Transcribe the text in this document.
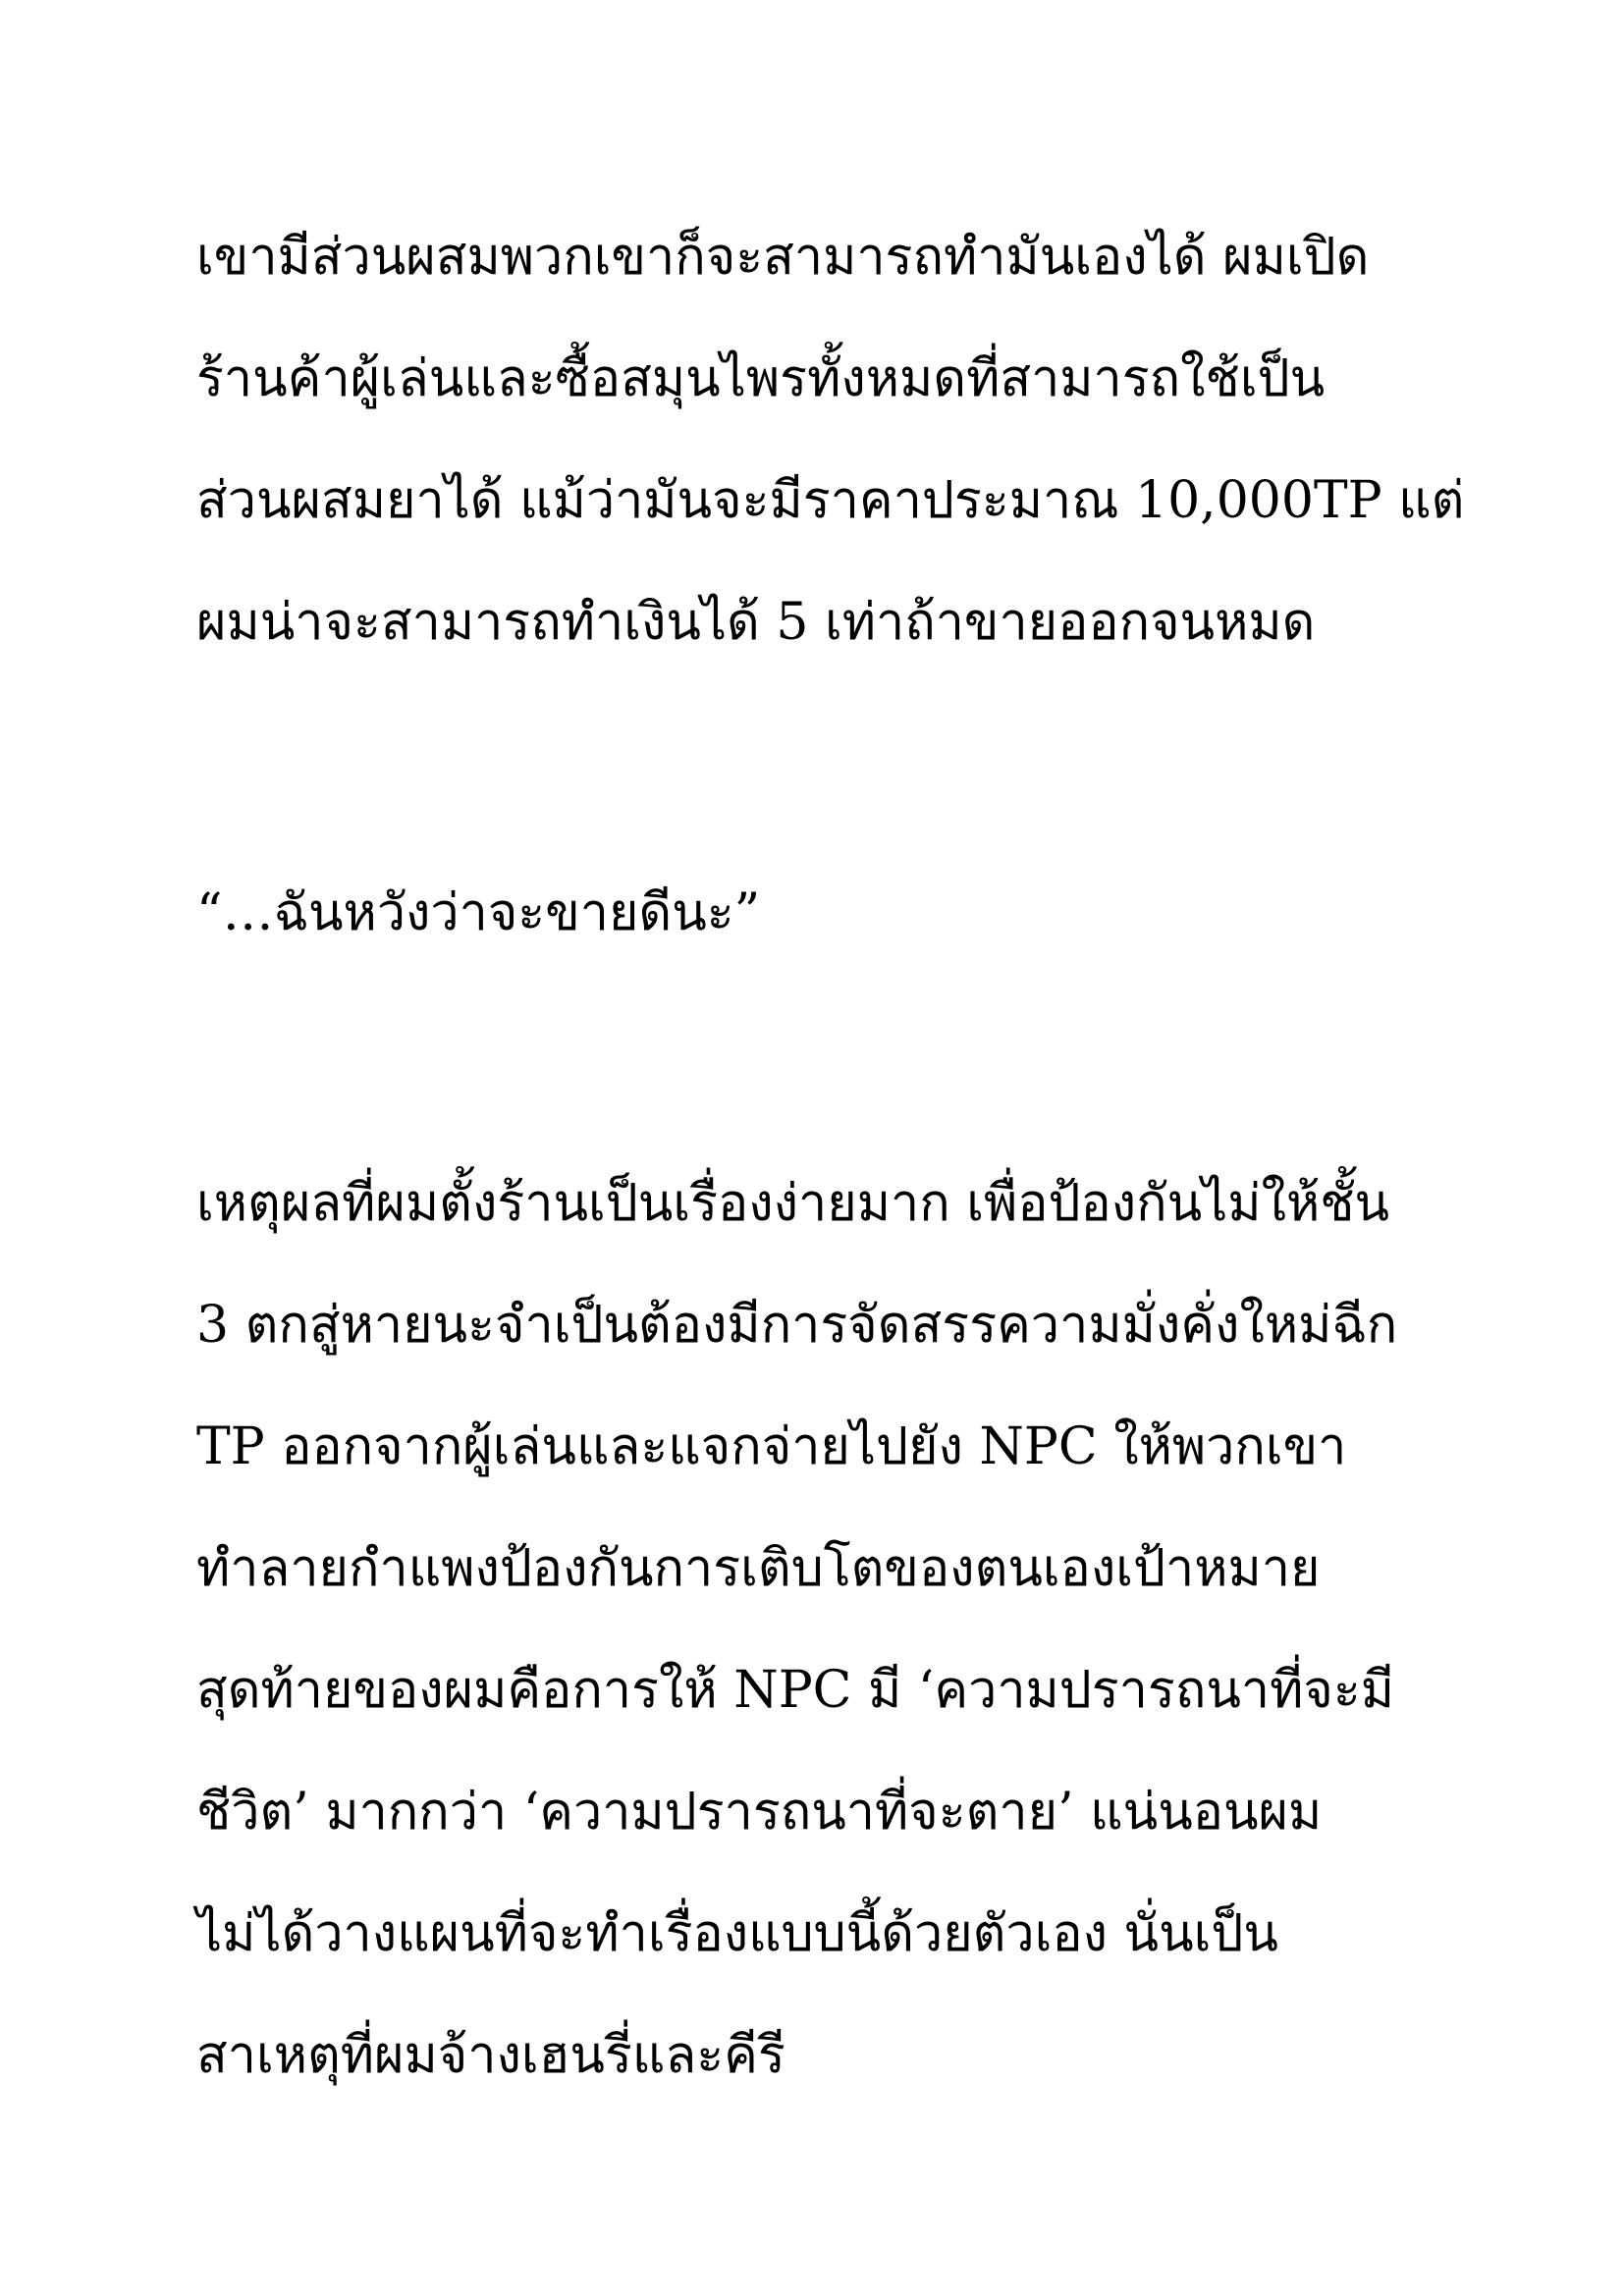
เขามีส่วนผสมพวกเขาก็จะสามารถทำมันเองได้ ผมเปิด
ร้านค้าผู้เล่นและซื้อสมุนไพรทั้งหมดที่สามารถใช้เป็น
ส่วนผสมยาได้ แม้ว่ามันจะมีราคาประมาณ 10,000TP แต่
ผมน่าจะสามารถทำเงินได้ 5 เท่าถ้าขายออกจนหมด
“…ฉันหวังว่าจะขายดีนะ”
เหตุผลที่ผมตั้งร้านเป็นเรื่องง่ายมาก เพื่อป้องกันไม่ให้ชั้น
3 ตกสู่หายนะจำเป็นต้องมีการจัดสรรความมั่งคั่งใหม่ฉีก
TP ออกจากผู้เล่นและแจกจ่ายไปยัง NPC ให้พวกเขา
ทำลายกำแพงป้องกันการเติบโตของตนเองเป้าหมาย
สุดท้ายของผมคือการให้ NPC มี ‘ความปรารถนาที่จะมี
ชีวิต’ มากกว่า ‘ความปรารถนาที่จะตาย’ แน่นอนผม
ไม่ได้วางแผนที่จะทำเรื่องแบบนี้ด้วยตัวเอง นั่นเป็น
สาเหตุที่ผมจ้างเฮนรี่และคีรี
